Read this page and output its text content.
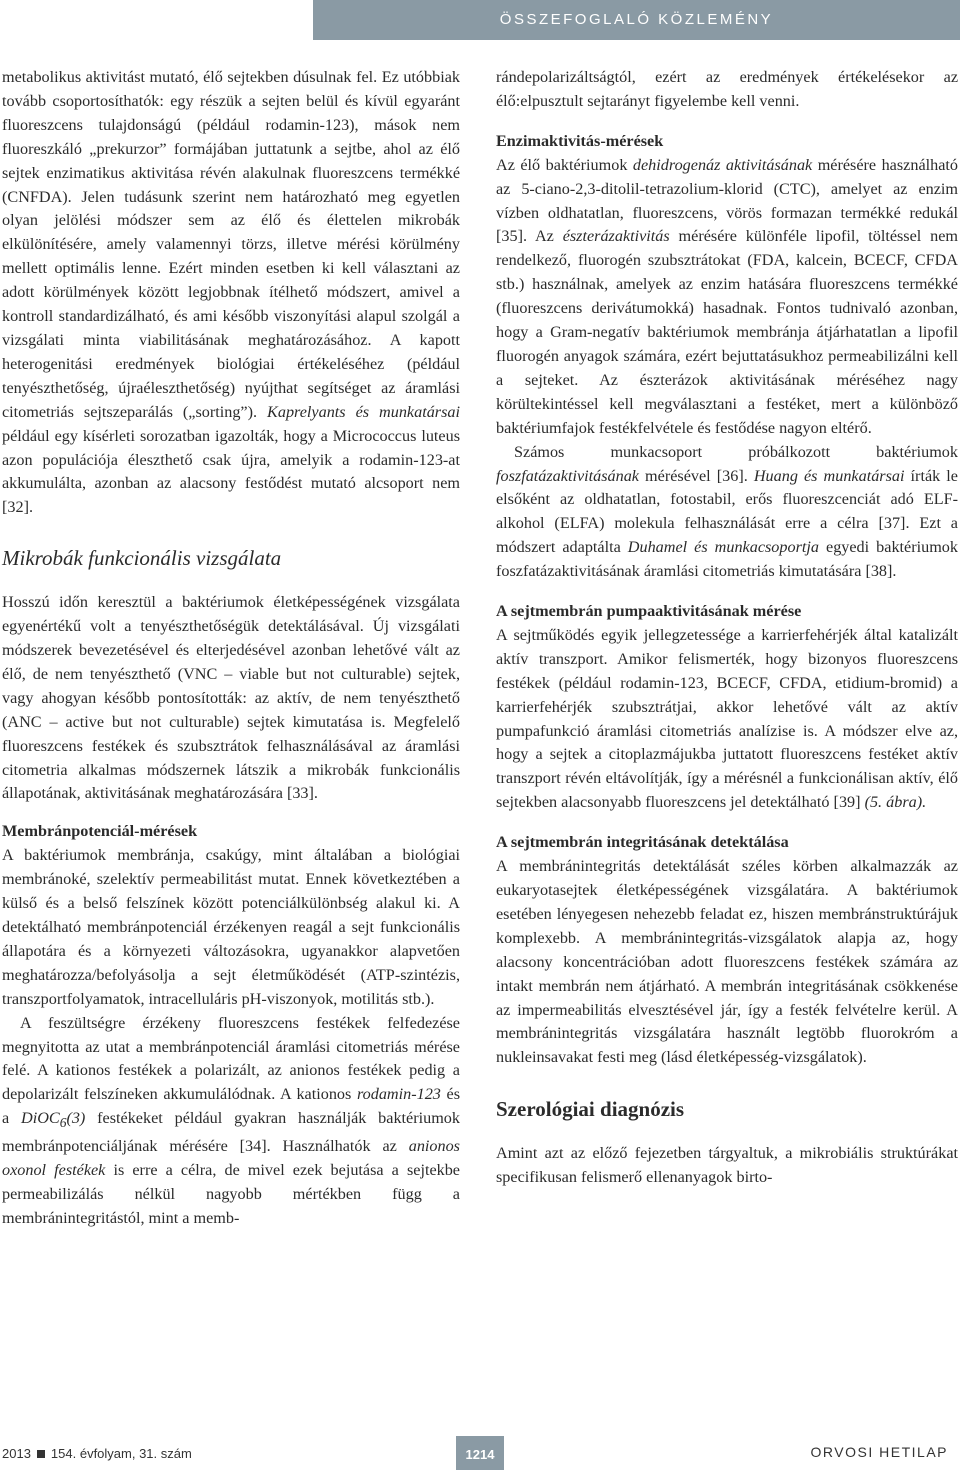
ÖSSZEFOGLALÓ KÖZLEMÉNY

metabolikus aktivitást mutató, élő sejtekben dúsulnak fel. Ez utóbbiak tovább csoportosíthatók: egy részük a sejten belül és kívül egyaránt fluoreszcens tulajdonságú (például rodamin-123), mások nem fluoreszkáló „prekurzor” formájában juttatunk a sejtbe, ahol az élő sejtek enzimatikus aktivitása révén alakulnak fluoreszcens termékké (CNFDA). Jelen tudásunk szerint nem határozható meg egyetlen olyan jelölési módszer sem az élő és élettelen mikrobák elkülönítésére, amely valamennyi törzs, illetve mérési körülmény mellett optimális lenne. Ezért minden esetben ki kell választani az adott körülmények között legjobbnak ítélhető módszert, amivel a kontroll standardizálható, és ami később viszonyítási alapul szolgál a vizsgálati minta viabilitásának meghatározásához. A kapott heterogenitási eredmények biológiai értékeléséhez (például tenyészthetőség, újraéleszthetőség) nyújthat segítséget az áramlási citometriás sejtszeparálás („sorting”). Kaprelyants és munkatársai például egy kísérleti sorozatban igazolták, hogy a Micrococcus luteus azon populációja éleszthető csak újra, amelyik a rodamin-123-at akkumulálta, azonban az alacsony festődést mutató alcsoport nem [32].

Mikrobák funkcionális vizsgálata

Hosszú időn keresztül a baktériumok életképességének vizsgálata egyenértékű volt a tenyészthetőségük detektálásával. Új vizsgálati módszerek bevezetésével és elterjedésével azonban lehetővé vált az élő, de nem tenyészthető (VNC – viable but not culturable) sejtek, vagy ahogyan később pontosították: az aktív, de nem tenyészthető (ANC – active but not culturable) sejtek kimutatása is. Megfelelő fluoreszcens festékek és szubsztrátok felhasználásával az áramlási citometria alkalmas módszernek látszik a mikrobák funkcionális állapotának, aktivitásának meghatározására [33].

Membránpotenciál-mérések

A baktériumok membránja, csakúgy, mint általában a biológiai membránoké, szelektív permeabilitást mutat. Ennek következtében a külső és a belső felszínek között potenciálkülönbség alakul ki. A detektálható membránpotenciál érzékenyen reagál a sejt funkcionális állapotára és a környezeti változásokra, ugyanakkor alapvetően meghatározza/befolyásolja a sejt életműködését (ATP-szintézis, transzportfolyamatok, intracelluláris pH-viszonyok, motilitás stb.).

A feszültségre érzékeny fluoreszcens festékek felfedezése megnyitotta az utat a membránpotenciál áramlási citometriás mérése felé. A kationos festékek a polarizált, az anionos festékek pedig a depolarizált felszíneken akkumulálódnak. A kationos rodamin-123 és a DiOC$_6$(3) festékeket például gyakran használják baktériumok membránpotenciáljának mérésére [34]. Használhatók az anionos oxonol festékek is erre a célra, de mivel ezek bejutása a sejtekbe permeabilizálás nélkül nagyobb mértékben függ a membránintegritástól, mint a memb-

rándepolarizáltságtól, ezért az eredmények értékelésekor az élő:elpusztult sejtarányt figyelembe kell venni.

Enzimaktivitás-mérések

Az élő baktériumok dehidrogenáz aktivitásának mérésére használható az 5-ciano-2,3-ditolil-tetrazolium-klorid (CTC), amelyet az enzim vízben oldhatatlan, fluoreszcens, vörös formazan termékké redukál [35]. Az észterázaktivitás mérésére különféle lipofil, töltéssel nem rendelkező, fluorogén szubsztrátokat (FDA, kalcein, BCECF, CFDA stb.) használnak, amelyek az enzim hatására fluoreszcens termékké (fluoreszcens derivátumokká) hasadnak. Fontos tudnivaló azonban, hogy a Gram-negatív baktériumok membránja átjárhatatlan a lipofil fluorogén anyagok számára, ezért bejuttatásukhoz permeabilizálni kell a sejteket. Az észterázok aktivitásának méréséhez nagy körültekintéssel kell megválasztani a festéket, mert a különböző baktériumfajok festékfelvétele és festődése nagyon eltérő.

Számos munkacsoport próbálkozott baktériumok foszfatázaktivitásának mérésével [36]. Huang és munkatársai írták le elsőként az oldhatatlan, fotostabil, erős fluoreszcenciát adó ELF-alkohol (ELFA) molekula felhasználását erre a célra [37]. Ezt a módszert adaptálta Duhamel és munkacsoportja egyedi baktériumok foszfatázaktivitásának áramlási citometriás kimutatására [38].

A sejtmembrán pumpaaktivitásának mérése

A sejtműködés egyik jellegzetessége a karrierfehérjék által katalizált aktív transzport. Amikor felismerték, hogy bizonyos fluoreszcens festékek (például rodamin-123, BCECF, CFDA, etidium-bromid) a karrierfehérjék szubsztrátjai, akkor lehetővé vált az aktív pumpafunkció áramlási citometriás analízise is. A módszer elve az, hogy a sejtek a citoplazmájukba juttatott fluoreszcens festéket aktív transzport révén eltávolítják, így a mérésnél a funkcionálisan aktív, élő sejtekben alacsonyabb fluoreszcens jel detektálható [39] (5. ábra).

A sejtmembrán integritásának detektálása

A membránintegritás detektálását széles körben alkalmazzák az eukaryotasejtek életképességének vizsgálatára. A baktériumok esetében lényegesen nehezebb feladat ez, hiszen membránstruktúrájuk komplexebb. A membránintegritás-vizsgálatok alapja az, hogy alacsony koncentrációban adott fluoreszcens festékek számára az intakt membrán nem átjárható. A membrán integritásának csökkenése az impermeabilitás elvesztésével jár, így a festék felvételre kerül. A membránintegritás vizsgálatára használt legtöbb fluorokróm a nukleinsavakat festi meg (lásd életképesség-vizsgálatok).

Szerológiai diagnózis

Amint azt az előző fejezetben tárgyaltuk, a mikrobiális struktúrákat specifikusan felismerő ellenanyagok birto-

2013 154. évfolyam, 31. szám	1214	ORVOSI HETILAP
